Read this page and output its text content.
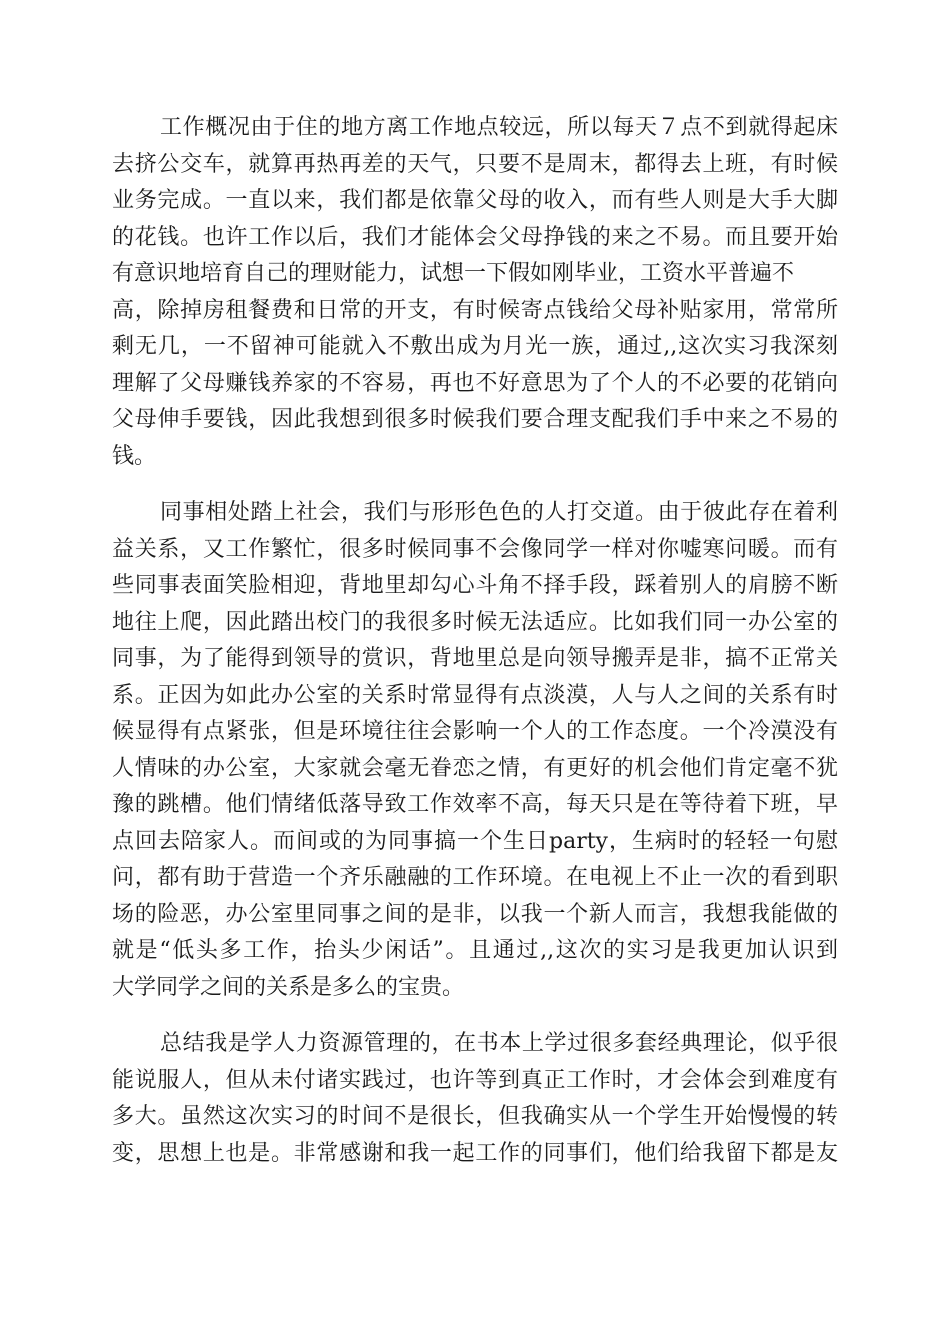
工作概况由于住的地方离工作地点较远，所以每天７点不到就得起床
去挤公交车，就算再热再差的天气，只要不是周末，都得去上班，有时候
业务完成。一直以来，我们都是依靠父母的收入，而有些人则是大手大脚
的花钱。也许工作以后，我们才能体会父母挣钱的来之不易。而且要开始
有意识地培育自己的理财能力，试想一下假如刚毕业，工资水平普遍不
高，除掉房租餐费和日常的开支，有时候寄点钱给父母补贴家用，常常所
剩无几，一不留神可能就入不敷出成为月光一族，通过,,这次实习我深刻
理解了父母赚钱养家的不容易，再也不好意思为了个人的不必要的花销向
父母伸手要钱，因此我想到很多时候我们要合理支配我们手中来之不易的
钱。
同事相处踏上社会，我们与形形色色的人打交道。由于彼此存在着利
益关系，又工作繁忙，很多时候同事不会像同学一样对你嘘寒问暖。而有
些同事表面笑脸相迎，背地里却勾心斗角不择手段，踩着别人的肩膀不断
地往上爬，因此踏出校门的我很多时候无法适应。比如我们同一办公室的
同事，为了能得到领导的赏识，背地里总是向领导搬弄是非，搞不正常关
系。正因为如此办公室的关系时常显得有点淡漠，人与人之间的关系有时
候显得有点紧张，但是环境往往会影响一个人的工作态度。一个冷漠没有
人情味的办公室，大家就会毫无眷恋之情，有更好的机会他们肯定毫不犹
豫的跳槽。他们情绪低落导致工作效率不高，每天只是在等待着下班，早
点回去陪家人。而间或的为同事搞一个生日party，生病时的轻轻一句慰
问，都有助于营造一个齐乐融融的工作环境。在电视上不止一次的看到职
场的险恶，办公室里同事之间的是非，以我一个新人而言，我想我能做的
就是“低头多工作，抬头少闲话”。且通过,,这次的实习是我更加认识到
大学同学之间的关系是多么的宝贵。
总结我是学人力资源管理的，在书本上学过很多套经典理论，似乎很
能说服人，但从未付诸实践过，也许等到真正工作时，才会体会到难度有
多大。虽然这次实习的时间不是很长，但我确实从一个学生开始慢慢的转
变，思想上也是。非常感谢和我一起工作的同事们，他们给我留下都是友
